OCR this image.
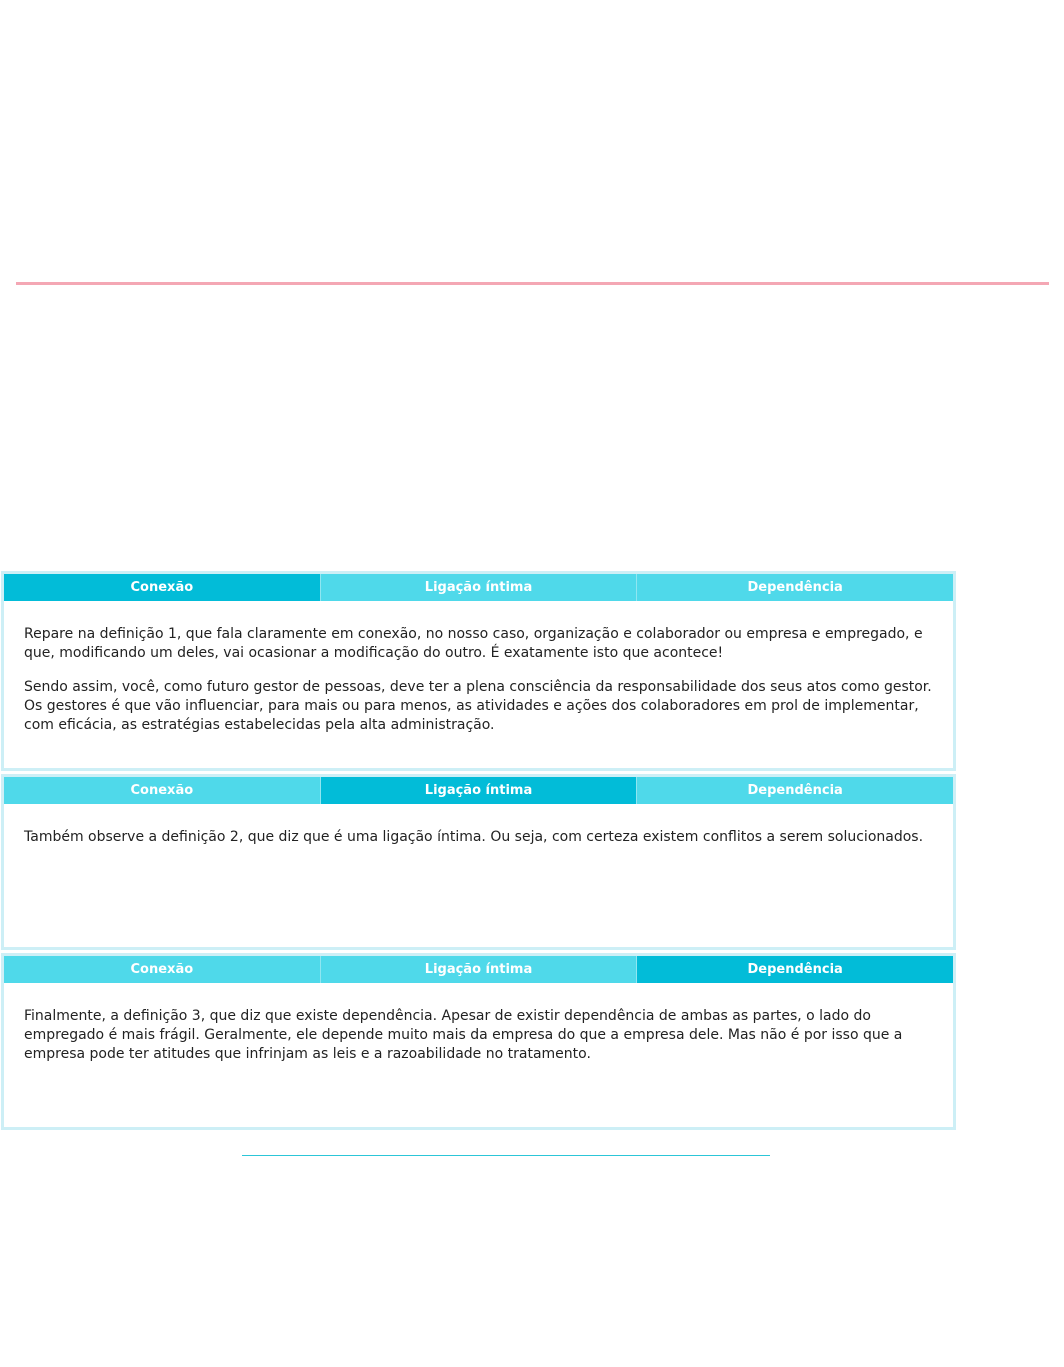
Conexão	Ligação íntima	Dependência

Repare na definição 1, que fala claramente em conexão, no nosso caso, organização e colaborador ou empresa e empregado, e que, modificando um deles, vai ocasionar a modificação do outro. É exatamente isto que acontece!

Sendo assim, você, como futuro gestor de pessoas, deve ter a plena consciência da responsabilidade dos seus atos como gestor. Os gestores é que vão influenciar, para mais ou para menos, as atividades e ações dos colaboradores em prol de implementar, com eficácia, as estratégias estabelecidas pela alta administração.

Conexão	Ligação íntima	Dependência

Também observe a definição 2, que diz que é uma ligação íntima. Ou seja, com certeza existem conflitos a serem solucionados.

Conexão	Ligação íntima	Dependência

Finalmente, a definição 3, que diz que existe dependência. Apesar de existir dependência de ambas as partes, o lado do empregado é mais frágil. Geralmente, ele depende muito mais da empresa do que a empresa dele. Mas não é por isso que a empresa pode ter atitudes que infrinjam as leis e a razoabilidade no tratamento.
